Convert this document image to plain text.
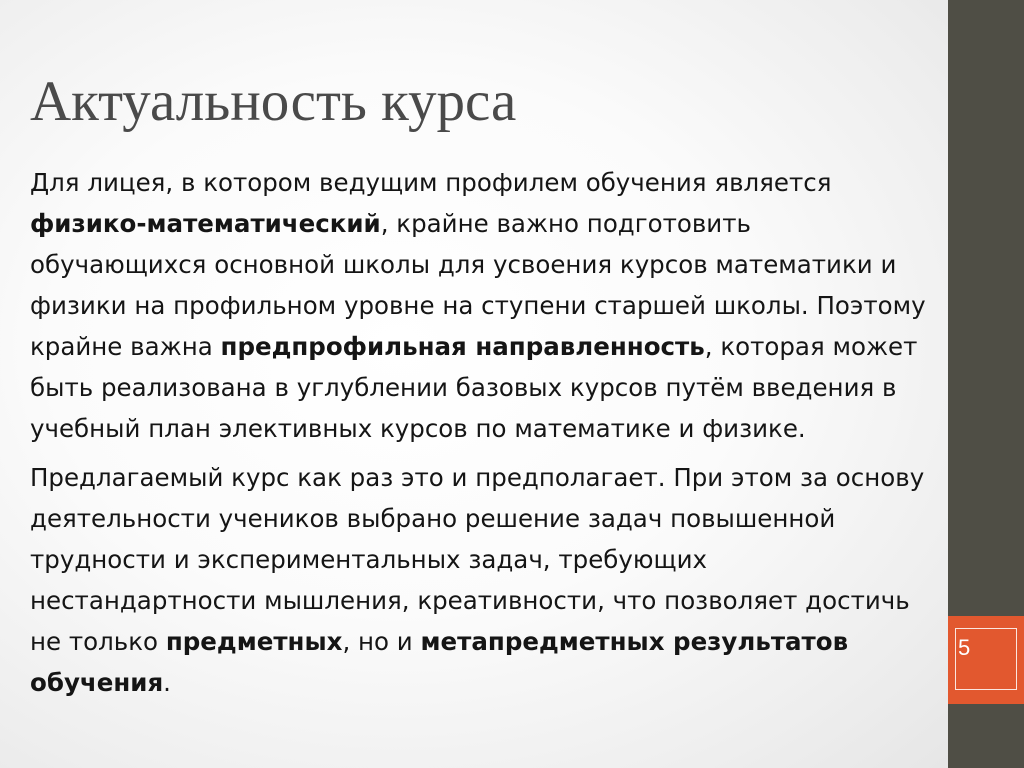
Актуальность курса

Для лицея, в котором ведущим профилем обучения является физико-математический, крайне важно подготовить обучающихся основной школы для усвоения курсов математики и физики на профильном уровне на ступени старшей школы. Поэтому крайне важна предпрофильная направленность, которая может быть реализована в углублении базовых курсов путём введения в учебный план элективных курсов по математике и физике.

Предлагаемый курс как раз это и предполагает. При этом за основу деятельности учеников выбрано решение задач повышенной трудности и экспериментальных задач, требующих нестандартности мышления, креативности, что позволяет достичь не только предметных, но и метапредметных результатов обучения.

5
